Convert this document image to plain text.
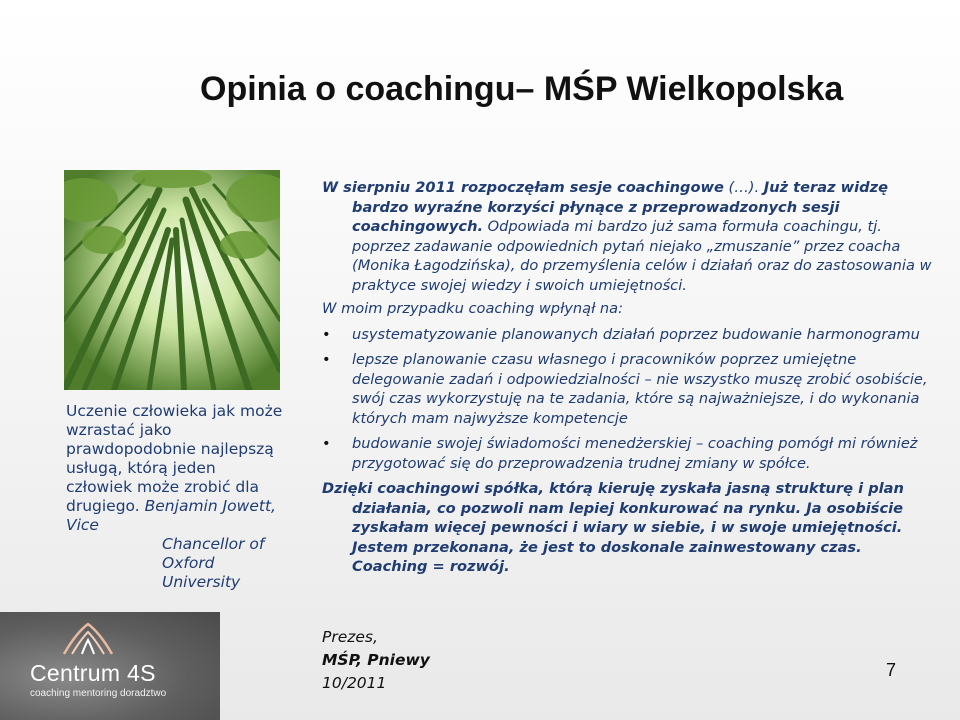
Opinia o coachingu– MŚP Wielkopolska
Uczenie człowieka jak może wzrastać jako prawdopodobnie najlepszą usługą, którą jeden człowiek może zrobić dla drugiego. Benjamin Jowett, Vice
Chancellor of
Oxford
University

W sierpniu 2011 rozpoczęłam sesje coachingowe (…). Już teraz widzę bardzo wyraźne korzyści płynące z przeprowadzonych sesji coachingowych. Odpowiada mi bardzo już sama formuła coachingu, tj. poprzez zadawanie odpowiednich pytań niejako „zmuszanie” przez coacha (Monika Łagodzińska), do przemyślenia celów i działań oraz do zastosowania w praktyce swojej wiedzy i swoich umiejętności.

W moim przypadku coaching wpłynął na:

• usystematyzowanie planowanych działań poprzez budowanie harmonogramu
• lepsze planowanie czasu własnego i pracowników poprzez umiejętne delegowanie zadań i odpowiedzialności – nie wszystko muszę zrobić osobiście, swój czas wykorzystuję na te zadania, które są najważniejsze, i do wykonania których mam najwyższe kompetencje
• budowanie swojej świadomości menedżerskiej – coaching pomógł mi również przygotować się do przeprowadzenia trudnej zmiany w spółce.

Dzięki coachingowi spółka, którą kieruję zyskała jasną strukturę i plan działania, co pozwoli nam lepiej konkurować na rynku. Ja osobiście zyskałam więcej pewności i wiary w siebie, i w swoje umiejętności. Jestem przekonana, że jest to doskonale zainwestowany czas. Coaching = rozwój.

Prezes,
MŚP, Pniewy
10/2011
7
Centrum 4S
coaching mentoring doradztwo
